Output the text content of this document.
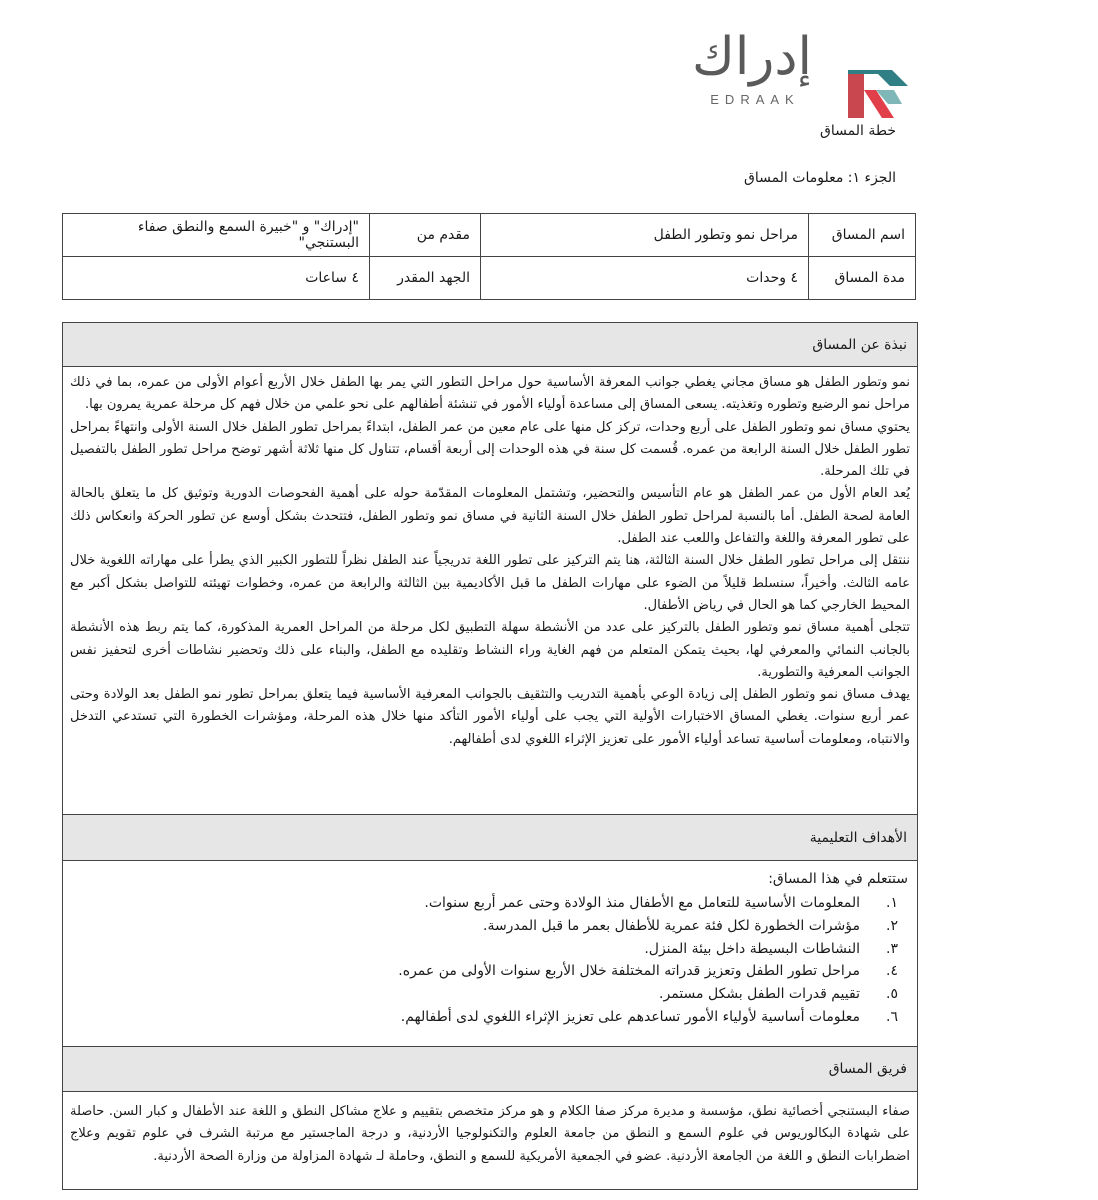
إدراك
EDRAAK
خطة المساق
الجزء ١: معلومات المساق
اسم المساق	مراحل نمو وتطور الطفل	مقدم من	"إدراك" و "خبيرة السمع والنطق صفاء البستنجي"
مدة المساق	٤ وحدات	الجهد المقدر	٤ ساعات
نبذة عن المساق

نمو وتطور الطفل هو مساق مجاني يغطي جوانب المعرفة الأساسية حول مراحل التطور التي يمر بها الطفل خلال الأربع أعوام الأولى من عمره، بما في ذلك مراحل نمو الرضيع وتطوره وتغذيته. يسعى المساق إلى مساعدة أولياء الأمور في تنشئة أطفالهم على نحو علمي من خلال فهم كل مرحلة عمرية يمرون بها.

يحتوي مساق نمو وتطور الطفل على أربع وحدات، تركز كل منها على عام معين من عمر الطفل، ابتداءً بمراحل تطور الطفل خلال السنة الأولى وانتهاءً بمراحل تطور الطفل خلال السنة الرابعة من عمره. قُسمت كل سنة في هذه الوحدات إلى أربعة أقسام، تتناول كل منها ثلاثة أشهر توضح مراحل تطور الطفل بالتفصيل في تلك المرحلة.

يُعد العام الأول من عمر الطفل هو عام التأسيس والتحضير، وتشتمل المعلومات المقدّمة حوله على أهمية الفحوصات الدورية وتوثيق كل ما يتعلق بالحالة العامة لصحة الطفل. أما بالنسبة لمراحل تطور الطفل خلال السنة الثانية في مساق نمو وتطور الطفل، فتتحدث بشكل أوسع عن تطور الحركة وانعكاس ذلك على تطور المعرفة واللغة والتفاعل واللعب عند الطفل.

ننتقل إلى مراحل تطور الطفل خلال السنة الثالثة، هنا يتم التركيز على تطور اللغة تدريجياً عند الطفل نظراً للتطور الكبير الذي يطرأ على مهاراته اللغوية خلال عامه الثالث. وأخيراً، سنسلط قليلاً من الضوء على مهارات الطفل ما قبل الأكاديمية بين الثالثة والرابعة من عمره، وخطوات تهيئته للتواصل بشكل أكبر مع المحيط الخارجي كما هو الحال في رياض الأطفال.

تتجلى أهمية مساق نمو وتطور الطفل بالتركيز على عدد من الأنشطة سهلة التطبيق لكل مرحلة من المراحل العمرية المذكورة، كما يتم ربط هذه الأنشطة بالجانب النمائي والمعرفي لها، بحيث يتمكن المتعلم من فهم الغاية وراء النشاط وتقليده مع الطفل، والبناء على ذلك وتحضير نشاطات أخرى لتحفيز نفس الجوانب المعرفية والتطورية.

يهدف مساق نمو وتطور الطفل إلى زيادة الوعي بأهمية التدريب والتثقيف بالجوانب المعرفية الأساسية فيما يتعلق بمراحل تطور نمو الطفل بعد الولادة وحتى عمر أربع سنوات. يغطي المساق الاختبارات الأولية التي يجب على أولياء الأمور التأكد منها خلال هذه المرحلة، ومؤشرات الخطورة التي تستدعي التدخل والانتباه، ومعلومات أساسية تساعد أولياء الأمور على تعزيز الإثراء اللغوي لدى أطفالهم.

الأهداف التعليمية
ستتعلم في هذا المساق:
١.المعلومات الأساسية للتعامل مع الأطفال منذ الولادة وحتى عمر أربع سنوات.
٢.مؤشرات الخطورة لكل فئة عمرية للأطفال بعمر ما قبل المدرسة.
٣.النشاطات البسيطة داخل بيئة المنزل.
٤.مراحل تطور الطفل وتعزيز قدراته المختلفة خلال الأربع سنوات الأولى من عمره.
٥.تقييم قدرات الطفل بشكل مستمر.
٦.معلومات أساسية لأولياء الأمور تساعدهم على تعزيز الإثراء اللغوي لدى أطفالهم.
فريق المساق

صفاء البستنجي أخصائية نطق، مؤسسة و مديرة مركز صفا الكلام و هو مركز متخصص بتقييم و علاج مشاكل النطق و اللغة عند الأطفال و كبار السن. حاصلة على شهادة البكالوريوس في علوم السمع و النطق من جامعة العلوم والتكنولوجيا الأردنية، و درجة الماجستير مع مرتبة الشرف في علوم تقويم وعلاج اضطرابات النطق و اللغة من الجامعة الأردنية. عضو في الجمعية الأمريكية للسمع و النطق، وحاملة لـ شهادة المزاولة من وزارة الصحة الأردنية.
